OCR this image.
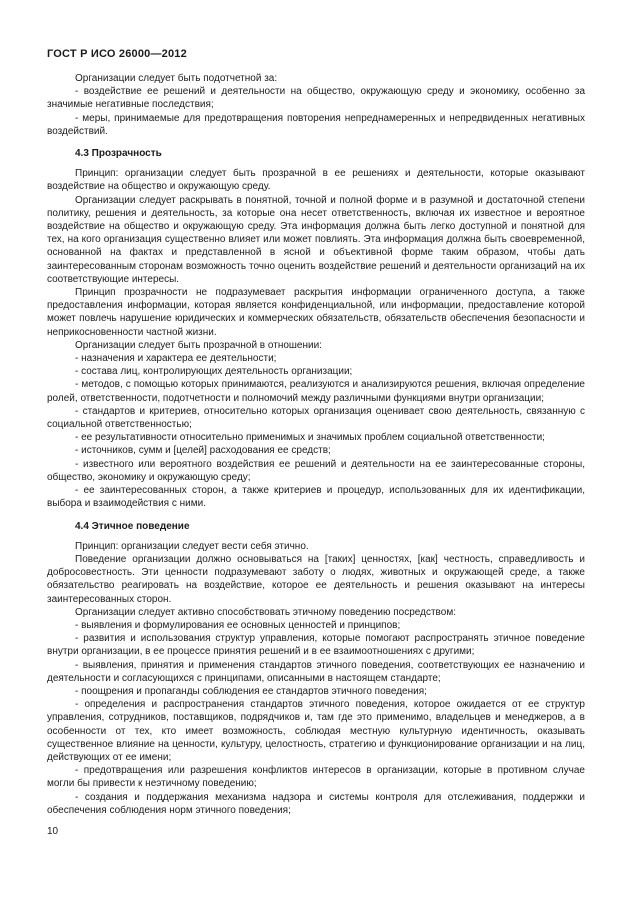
ГОСТ Р ИСО 26000—2012
Организации следует быть подотчетной за:
- воздействие ее решений и деятельности на общество, окружающую среду и экономику, особенно за значимые негативные последствия;
- меры, принимаемые для предотвращения повторения непреднамеренных и непредвиденных негативных воздействий.
4.3 Прозрачность
Принцип: организации следует быть прозрачной в ее решениях и деятельности, которые оказывают воздействие на общество и окружающую среду.
Организации следует раскрывать в понятной, точной и полной форме и в разумной и достаточной степени политику, решения и деятельность, за которые она несет ответственность, включая их известное и вероятное воздействие на общество и окружающую среду. Эта информация должна быть легко доступной и понятной для тех, на кого организация существенно влияет или может повлиять. Эта информация должна быть своевременной, основанной на фактах и представленной в ясной и объективной форме таким образом, чтобы дать заинтересованным сторонам возможность точно оценить воздействие решений и деятельности организаций на их соответствующие интересы.
Принцип прозрачности не подразумевает раскрытия информации ограниченного доступа, а также предоставления информации, которая является конфиденциальной, или информации, предоставление которой может повлечь нарушение юридических и коммерческих обязательств, обязательств обеспечения безопасности и неприкосновенности частной жизни.
Организации следует быть прозрачной в отношении:
- назначения и характера ее деятельности;
- состава лиц, контролирующих деятельность организации;
- методов, с помощью которых принимаются, реализуются и анализируются решения, включая определение ролей, ответственности, подотчетности и полномочий между различными функциями внутри организации;
- стандартов и критериев, относительно которых организация оценивает свою деятельность, связанную с социальной ответственностью;
- ее результативности относительно применимых и значимых проблем социальной ответственности;
- источников, сумм и [целей] расходования ее средств;
- известного или вероятного воздействия ее решений и деятельности на ее заинтересованные стороны, общество, экономику и окружающую среду;
- ее заинтересованных сторон, а также критериев и процедур, использованных для их идентификации, выбора и взаимодействия с ними.
4.4 Этичное поведение
Принцип: организации следует вести себя этично.
Поведение организации должно основываться на [таких] ценностях, [как] честность, справедливость и добросовестность. Эти ценности подразумевают заботу о людях, животных и окружающей среде, а также обязательство реагировать на воздействие, которое ее деятельность и решения оказывают на интересы заинтересованных сторон.
Организации следует активно способствовать этичному поведению посредством:
- выявления и формулирования ее основных ценностей и принципов;
- развития и использования структур управления, которые помогают распространять этичное поведение внутри организации, в ее процессе принятия решений и в ее взаимоотношениях с другими;
- выявления, принятия и применения стандартов этичного поведения, соответствующих ее назначению и деятельности и согласующихся с принципами, описанными в настоящем стандарте;
- поощрения и пропаганды соблюдения ее стандартов этичного поведения;
- определения и распространения стандартов этичного поведения, которое ожидается от ее структур управления, сотрудников, поставщиков, подрядчиков и, там где это применимо, владельцев и менеджеров, а в особенности от тех, кто имеет возможность, соблюдая местную культурную идентичность, оказывать существенное влияние на ценности, культуру, целостность, стратегию и функционирование организации и на лиц, действующих от ее имени;
- предотвращения или разрешения конфликтов интересов в организации, которые в противном случае могли бы привести к неэтичному поведению;
- создания и поддержания механизма надзора и системы контроля для отслеживания, поддержки и обеспечения соблюдения норм этичного поведения;
10
